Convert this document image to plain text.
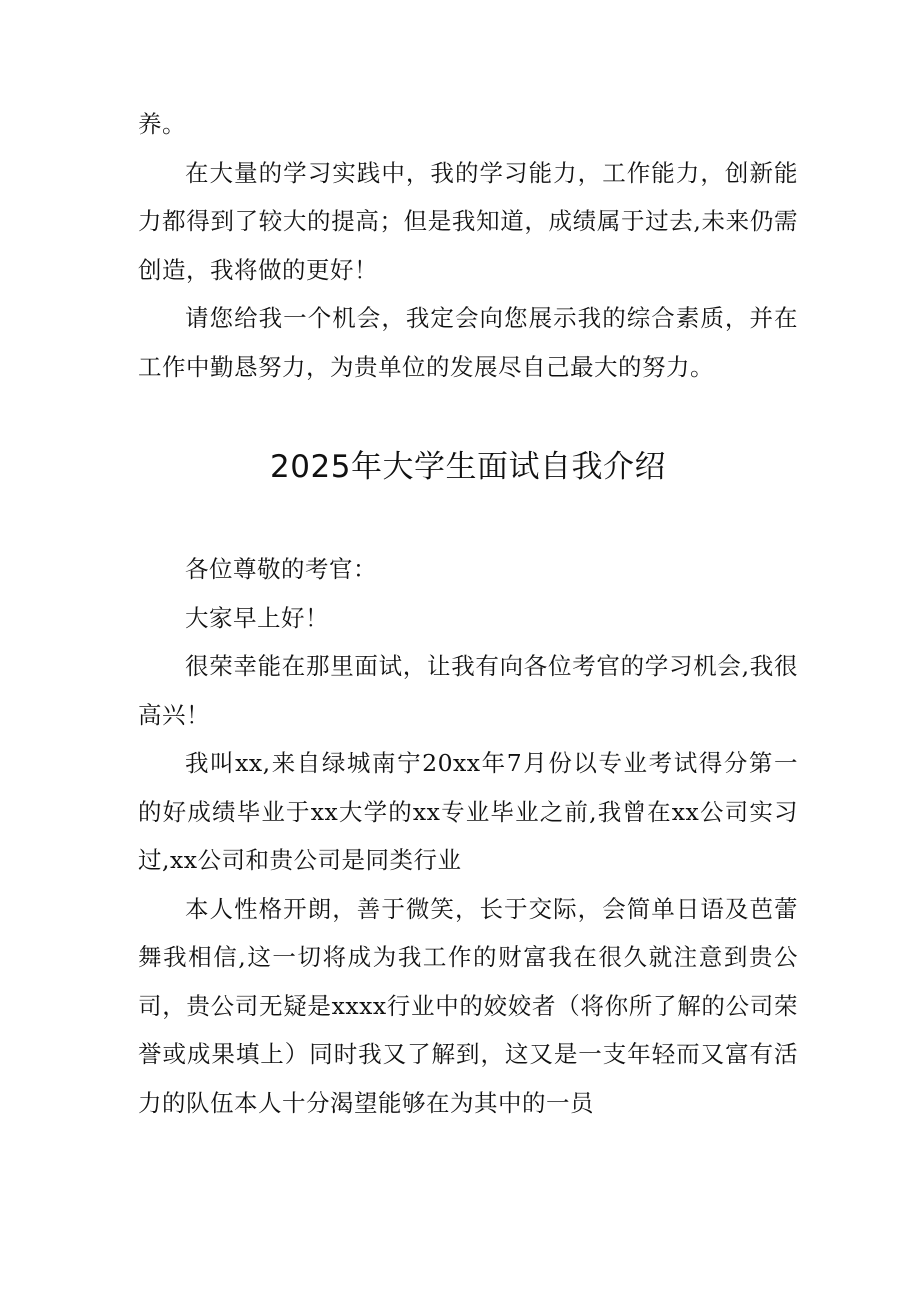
养。

在大量的学习实践中，我的学习能力，工作能力，创新能力都得到了较大的提高；但是我知道，成绩属于过去,未来仍需创造，我将做的更好！

请您给我一个机会，我定会向您展示我的综合素质，并在工作中勤恳努力，为贵单位的发展尽自己最大的努力。

2025年大学生面试自我介绍

各位尊敬的考官：

大家早上好！

很荣幸能在那里面试，让我有向各位考官的学习机会,我很高兴！

我叫xx,来自绿城南宁20xx年7月份以专业考试得分第一的好成绩毕业于xx大学的xx专业毕业之前,我曾在xx公司实习过,xx公司和贵公司是同类行业

本人性格开朗，善于微笑，长于交际，会简单日语及芭蕾舞我相信,这一切将成为我工作的财富我在很久就注意到贵公司，贵公司无疑是xxxx行业中的姣姣者（将你所了解的公司荣誉或成果填上）同时我又了解到，这又是一支年轻而又富有活力的队伍本人十分渴望能够在为其中的一员
